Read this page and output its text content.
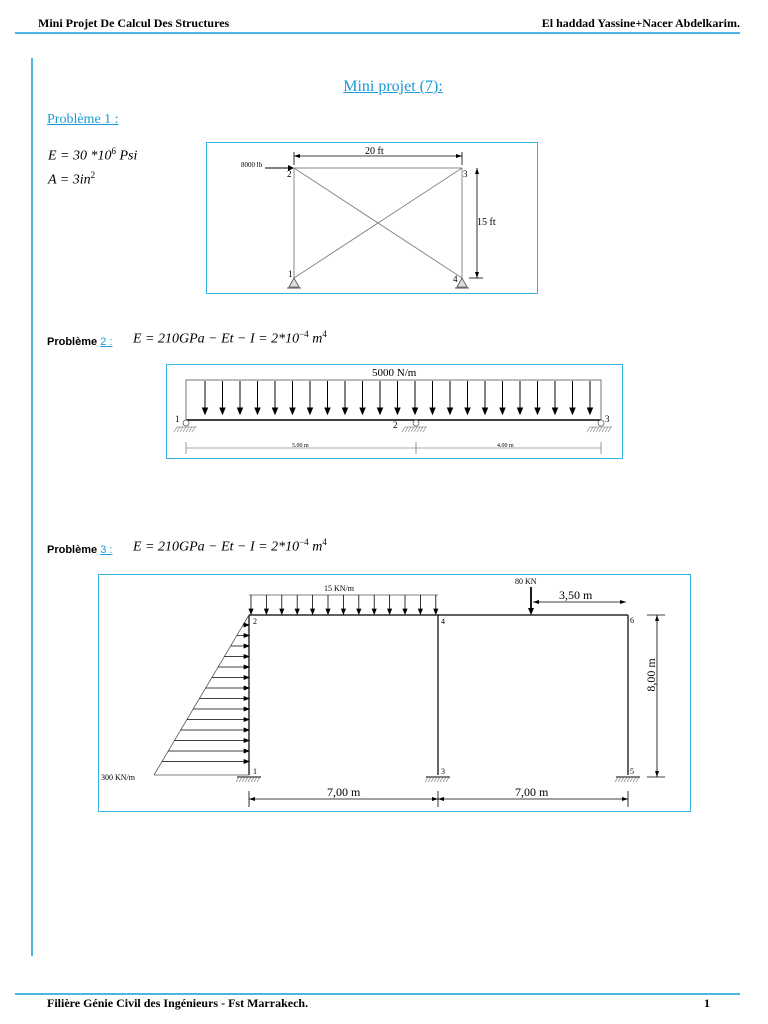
Mini Projet De Calcul Des Structures	El haddad Yassine+Nacer Abdelkarim.
Mini projet (7):
Problème 1 :
E = 30 $*10^6$ Psi
$A = 3in^2$
8000 lb
20 ft
15 ft
2	3
1	4
Problème 2 : $E = 210GPa - Et - I = 2*10^{-4}$ $m^4$
5000 N/m
1
2
3
5.00 m	4.00 m
Problème 3 : $E = 210GPa - Et - I = 2*10^{-4}$ $m^4$
15 KN/m
80 KN
3,50 m
8,00 m
300 KN/m
2	4	6
1	3	5
7,00 m	7,00 m
Filière Génie Civil des Ingénieurs - Fst Marrakech.	1
